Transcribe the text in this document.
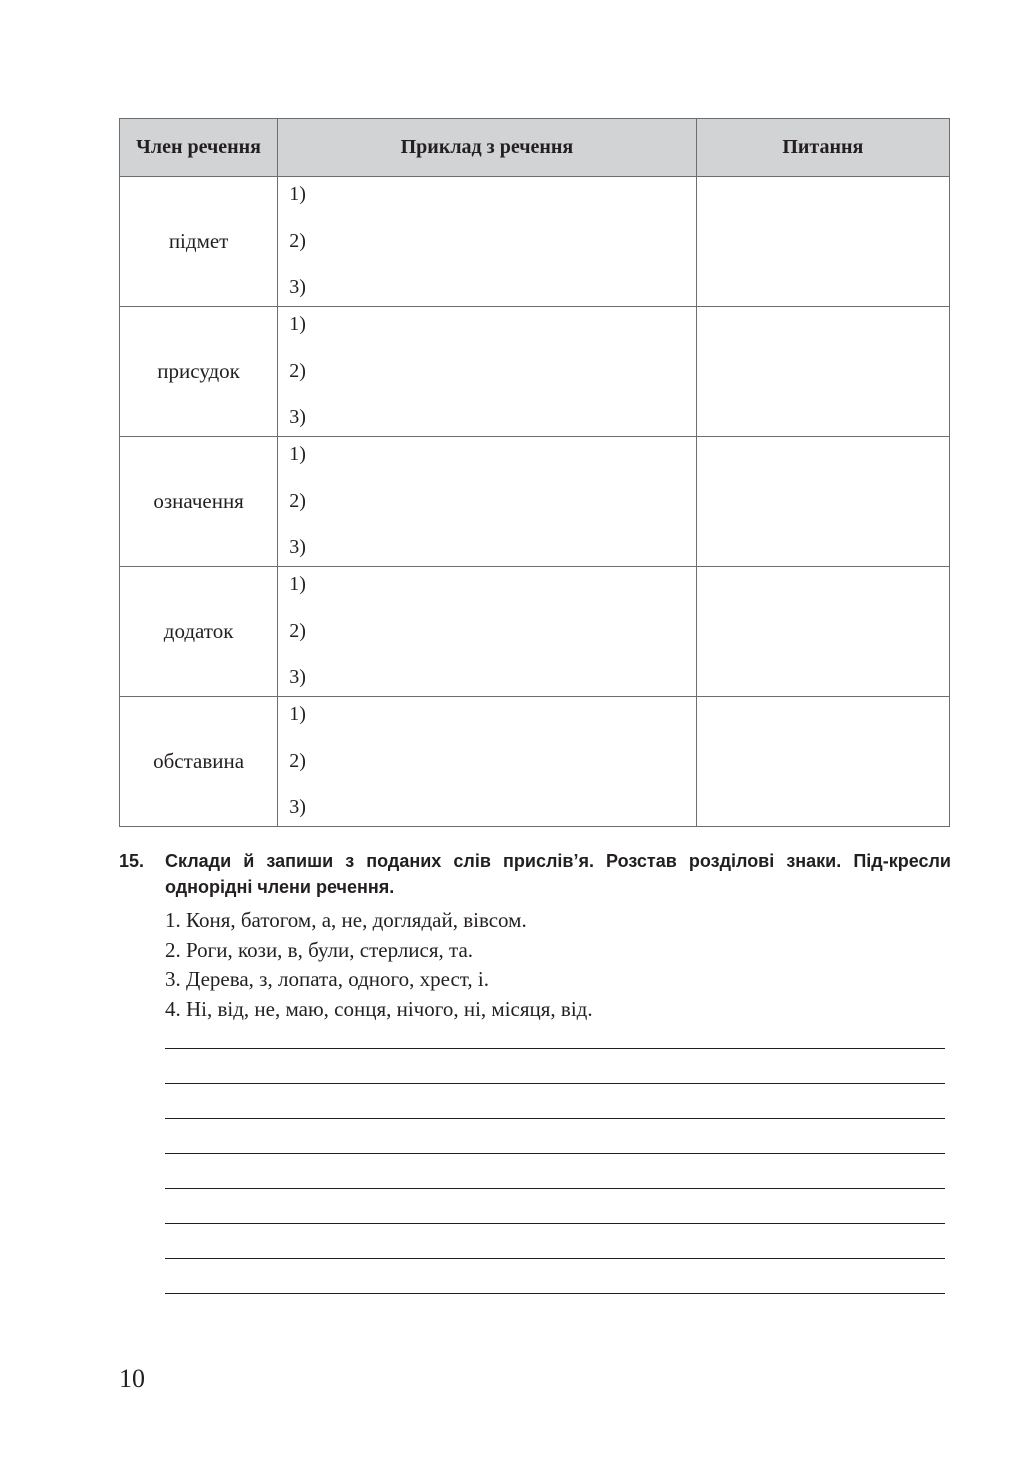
Член речення	Приклад з речення	Питання
підмет	1)
2)
3)	

присудок	1)
2)
3)	

означення	1)
2)
3)	

додаток	1)
2)
3)	

обставина	1)
2)
3)	

15.	Склади й запиши з поданих слів прислів’я. Розстав розділові знаки. Під-кресли однорідні члени речення.
1. Коня, батогом, а, не, доглядай, вівсом.
2. Роги, кози, в, були, стерлися, та.
3. Дерева, з, лопата, одного, хрест, і.
4. Ні, від, не, маю, сонця, нічого, ні, місяця, від.
10
